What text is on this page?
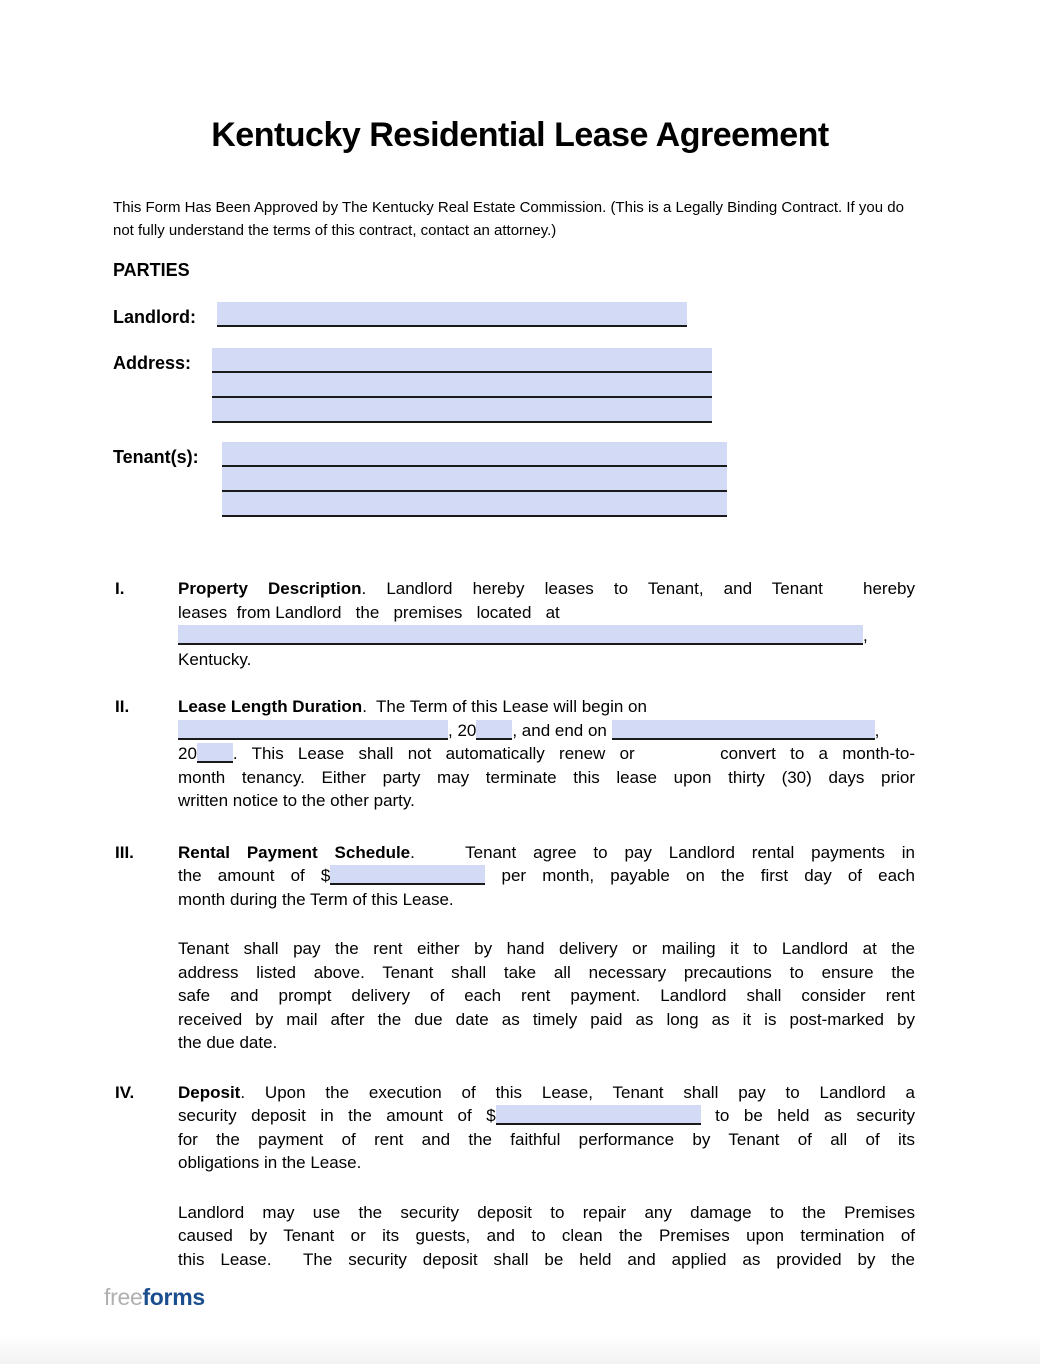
Kentucky Residential Lease Agreement

This Form Has Been Approved by The Kentucky Real Estate Commission. (This is a Legally Binding Contract. If you do not fully understand the terms of this contract, contact an attorney.)

PARTIES
Landlord:
Address:
Tenant(s):
I.	Property Description. Landlord hereby leases to Tenant, and Tenant  hereby
leases  from Landlord   the   premises   located   at
,
Kentucky.
II.	Lease Length Duration.  The Term of this Lease will begin on
, 20 , and end on	,
20 . This Lease shall not automatically renew or      convert to a month-to-
month tenancy. Either party may terminate this lease upon thirty (30) days prior
written notice to the other party.
III.	Rental Payment Schedule.   Tenant agree to pay Landlord rental payments in
the amount of $	per month, payable on the first day of each
month during the Term of this Lease.
Tenant shall pay the rent either by hand delivery or mailing it to Landlord at the
address listed above. Tenant shall take all necessary precautions to ensure the
safe and prompt delivery of each rent payment. Landlord shall consider rent
received by mail after the due date as timely paid as long as it is post-marked by
the due date.
IV.	Deposit. Upon the execution of this Lease, Tenant shall pay to Landlord a
security deposit in the amount of $	to be held as security
for the payment of rent and the faithful performance by Tenant of all of its
obligations in the Lease.
Landlord may use the security deposit to repair any damage to the Premises
caused by Tenant or its guests, and to clean the Premises upon termination of
this Lease.  The security deposit shall be held and applied as provided by the
freeforms
